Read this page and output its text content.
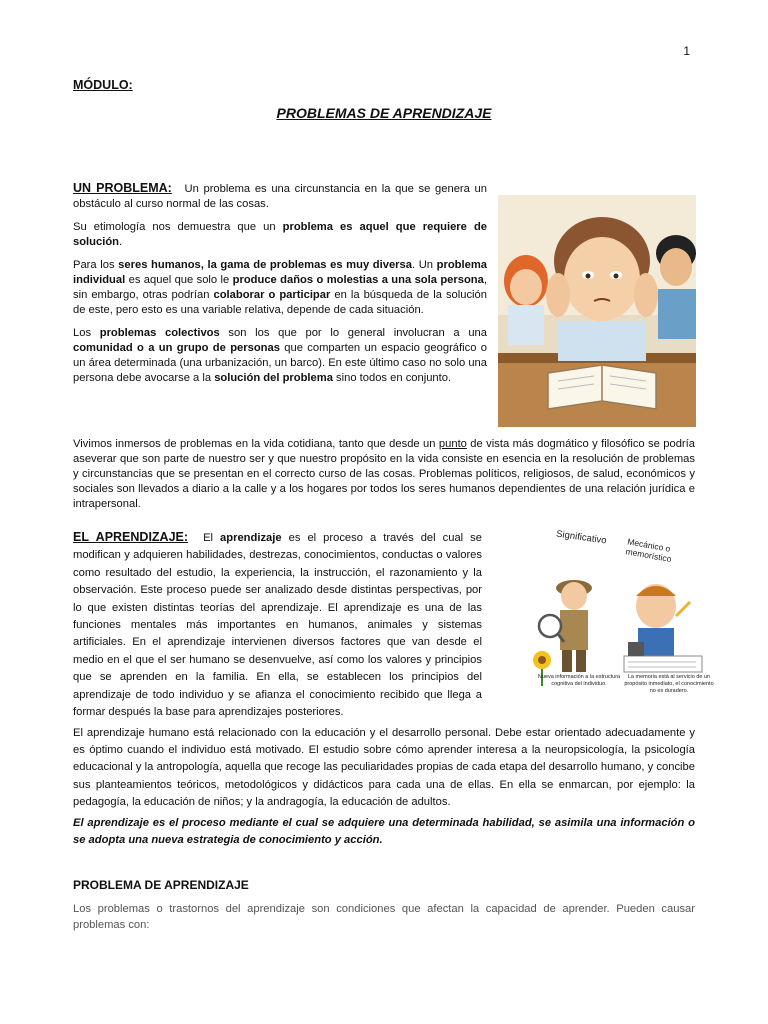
1
MÓDULO:
PROBLEMAS DE APRENDIZAJE

UN PROBLEMA: Un problema es una circunstancia en la que se genera un obstáculo al curso normal de las cosas.

Su etimología nos demuestra que un problema es aquel que requiere de solución.

Para los seres humanos, la gama de problemas es muy diversa. Un problema individual es aquel que solo le produce daños o molestias a una sola persona, sin embargo, otras podrían colaborar o participar en la búsqueda de la solución de este, pero esto es una variable relativa, depende de cada situación.

Los problemas colectivos son los que por lo general involucran a una comunidad o a un grupo de personas que comparten un espacio geográfico o un área determinada (una urbanización, un barco). En este último caso no solo una persona debe avocarse a la solución del problema sino todos en conjunto.

Vivimos inmersos de problemas en la vida cotidiana, tanto que desde un punto de vista más dogmático y filosófico se podría aseverar que son parte de nuestro ser y que nuestro propósito en la vida consiste en esencia en la resolución de problemas y circunstancias que se presentan en el correcto curso de las cosas. Problemas políticos, religiosos, de salud, económicos y sociales son llevados a diario a la calle y a los hogares por todos los seres humanos dependientes de una relación jurídica e intrapersonal.

EL APRENDIZAJE: El aprendizaje es el proceso a través del cual se modifican y adquieren habilidades, destrezas, conocimientos, conductas o valores como resultado del estudio, la experiencia, la instrucción, el razonamiento y la observación. Este proceso puede ser analizado desde distintas perspectivas, por lo que existen distintas teorías del aprendizaje. El aprendizaje es una de las funciones mentales más importantes en humanos, animales y sistemas artificiales. En el aprendizaje intervienen diversos factores que van desde el medio en el que el ser humano se desenvuelve, así como los valores y principios que se aprenden en la familia. En ella, se establecen los principios del aprendizaje de todo individuo y se afianza el conocimiento recibido que llega a formar después la base para aprendizajes posteriores.

Significativo Mecánico o memorístico
Nueva información a la estructura cognitiva del individuo.
La memoria está al servicio de un propósito inmediato, el conocimiento no es duradero.

El aprendizaje humano está relacionado con la educación y el desarrollo personal. Debe estar orientado adecuadamente y es óptimo cuando el individuo está motivado. El estudio sobre cómo aprender interesa a la neuropsicología, la psicología educacional y la antropología, aquella que recoge las peculiaridades propias de cada etapa del desarrollo humano, y concibe sus planteamientos teóricos, metodológicos y didácticos para cada una de ellas. En ella se enmarcan, por ejemplo: la pedagogía, la educación de niños; y la andragogía, la educación de adultos.

El aprendizaje es el proceso mediante el cual se adquiere una determinada habilidad, se asimila una información o se adopta una nueva estrategia de conocimiento y acción.

PROBLEMA DE APRENDIZAJE

Los problemas o trastornos del aprendizaje son condiciones que afectan la capacidad de aprender. Pueden causar problemas con:
